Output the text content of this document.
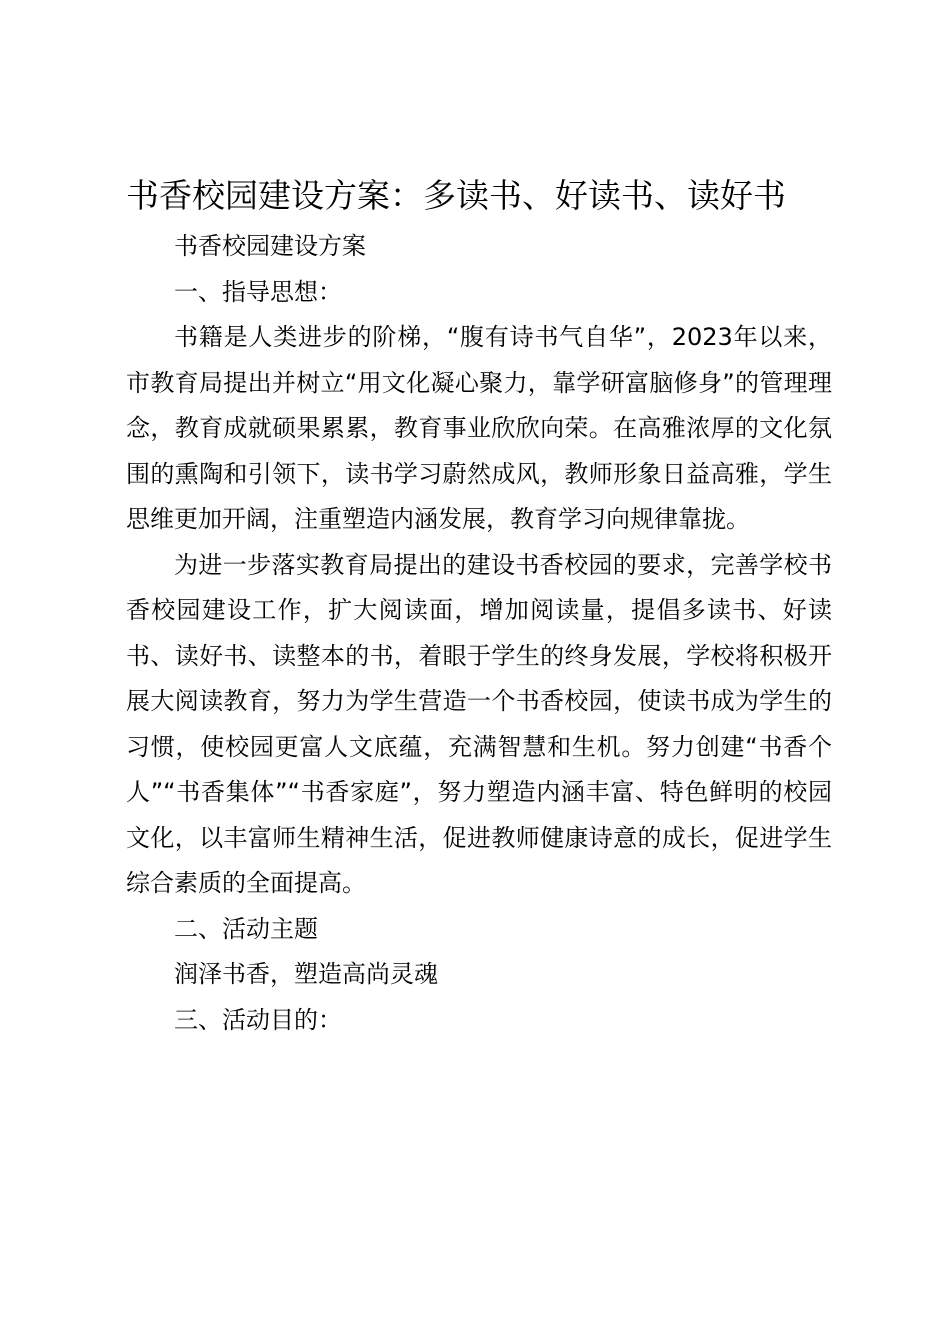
书香校园建设方案：多读书、好读书、读好书

书香校园建设方案

一、指导思想：

书籍是人类进步的阶梯，“腹有诗书气自华”，2023年以来，市教育局提出并树立“用文化凝心聚力，靠学研富脑修身”的管理理念，教育成就硕果累累，教育事业欣欣向荣。在高雅浓厚的文化氛围的熏陶和引领下，读书学习蔚然成风，教师形象日益高雅，学生思维更加开阔，注重塑造内涵发展，教育学习向规律靠拢。

为进一步落实教育局提出的建设书香校园的要求，完善学校书香校园建设工作，扩大阅读面，增加阅读量，提倡多读书、好读书、读好书、读整本的书，着眼于学生的终身发展，学校将积极开展大阅读教育，努力为学生营造一个书香校园，使读书成为学生的习惯，使校园更富人文底蕴，充满智慧和生机。努力创建“书香个人”“书香集体”“书香家庭”，努力塑造内涵丰富、特色鲜明的校园文化，以丰富师生精神生活，促进教师健康诗意的成长，促进学生综合素质的全面提高。

二、活动主题

润泽书香，塑造高尚灵魂

三、活动目的：
